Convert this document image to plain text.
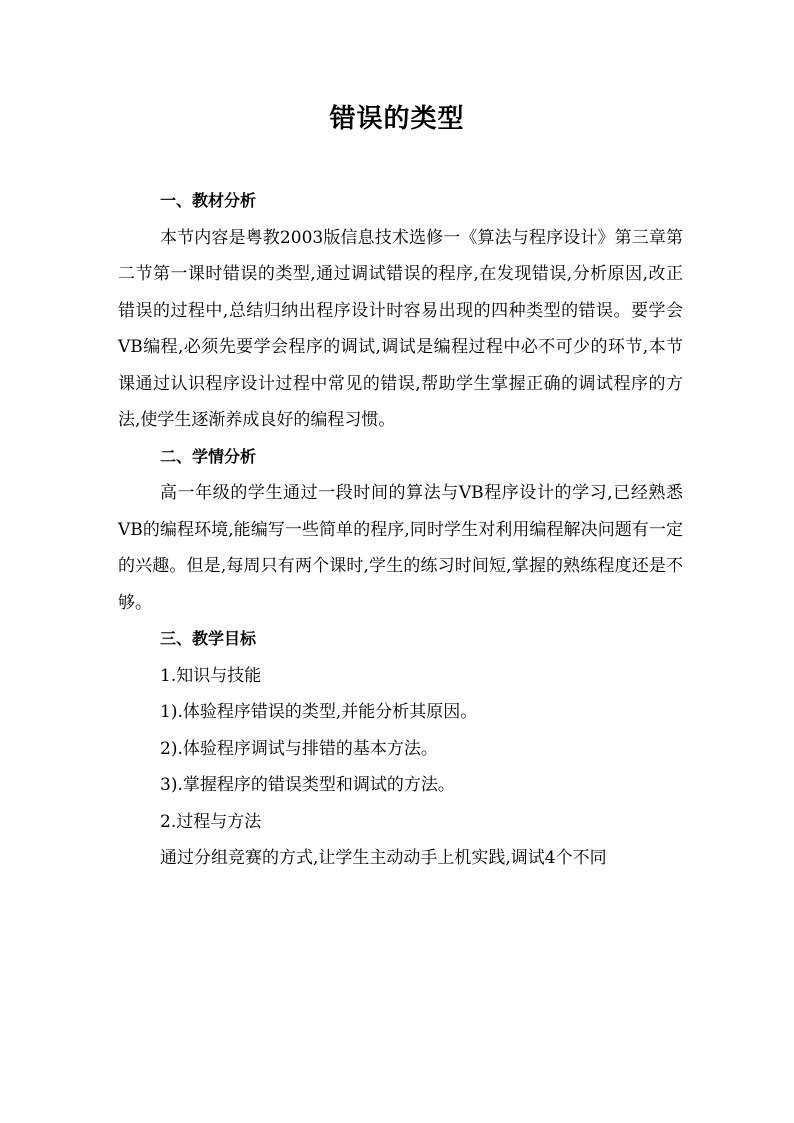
错误的类型

一、教材分析

本节内容是粤教2003版信息技术选修一《算法与程序设计》第三章第二节第一课时错误的类型,通过调试错误的程序,在发现错误,分析原因,改正错误的过程中,总结归纳出程序设计时容易出现的四种类型的错误。要学会VB编程,必须先要学会程序的调试,调试是编程过程中必不可少的环节,本节课通过认识程序设计过程中常见的错误,帮助学生掌握正确的调试程序的方法,使学生逐渐养成良好的编程习惯。

二、学情分析

高一年级的学生通过一段时间的算法与VB程序设计的学习,已经熟悉VB的编程环境,能编写一些简单的程序,同时学生对利用编程解决问题有一定的兴趣。但是,每周只有两个课时,学生的练习时间短,掌握的熟练程度还是不够。

三、教学目标

1.知识与技能

1).体验程序错误的类型,并能分析其原因。

2).体验程序调试与排错的基本方法。

3).掌握程序的错误类型和调试的方法。

2.过程与方法

通过分组竞赛的方式,让学生主动动手上机实践,调试4个不同
